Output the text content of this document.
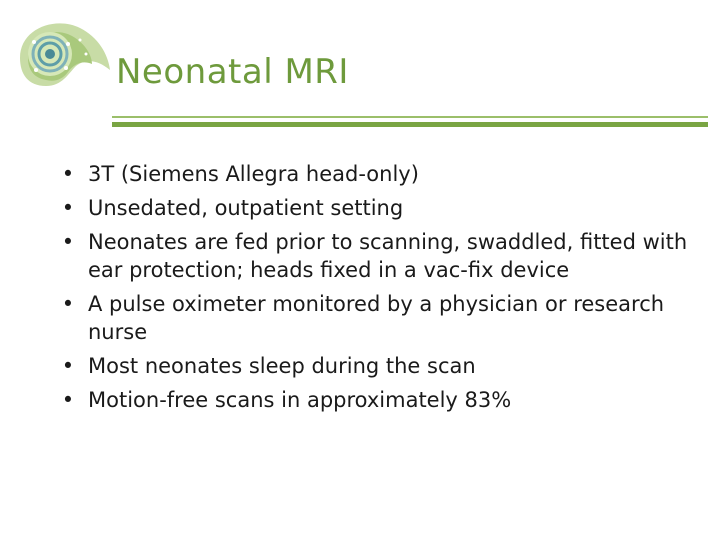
Neonatal MRI
• 3T (Siemens Allegra head-only)
• Unsedated, outpatient setting
• Neonates are fed prior to scanning, swaddled, fitted with ear protection; heads fixed in a vac-fix device
• A pulse oximeter monitored by a physician or research nurse
• Most neonates sleep during the scan
• Motion-free scans in approximately 83%
